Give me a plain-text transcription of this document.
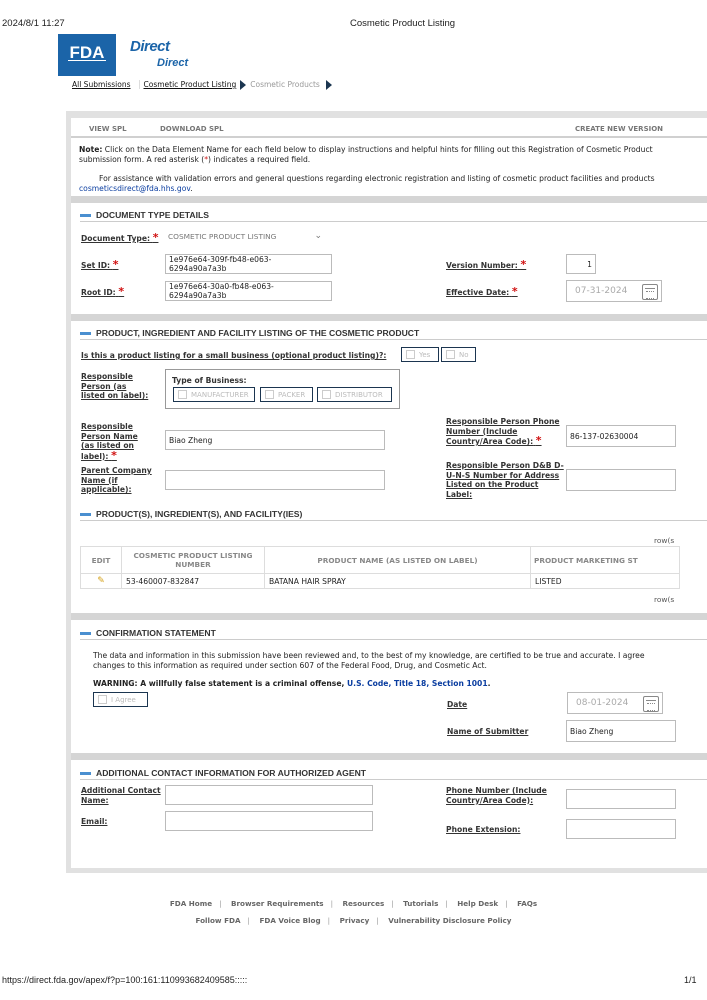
2024/8/1 11:27	Cosmetic Product Listing
FDA	Direct
Direct
All Submissions	Cosmetic Product Listing	Cosmetic Products
VIEW SPL	DOWNLOAD SPL	CREATE NEW VERSION
Note: Click on the Data Element Name for each field below to display instructions and helpful hints for filling out this Registration of Cosmetic Product
submission form. A red asterisk (*) indicates a required field.
For assistance with validation errors and general questions regarding electronic registration and listing of cosmetic product facilities and products
cosmeticsdirect@fda.hhs.gov.
DOCUMENT TYPE DETAILS
Document Type: * COSMETIC PRODUCT LISTING	⌄
Set ID: *	1e976e64-309f-fb48-e063-6294a90a7a3b
Root ID: *	1e976e64-30a0-fb48-e063-6294a90a7a3b
Version Number: *	1
Effective Date: *	07-31-2024
PRODUCT, INGREDIENT AND FACILITY LISTING OF THE COSMETIC PRODUCT
Is this a product listing for a small business (optional product listing)?:	Yes	No
Responsible Person (as listed on label):
Type of Business:
MANUFACTURER	PACKER	DISTRIBUTOR
Responsible Person Name (as listed on label): *
Biao Zheng
Responsible Person Phone Number (Include Country/Area Code): *	86-137-02630004
Parent Company Name (if applicable):
Responsible Person D&B D-U-N-S Number for Address Listed on the Product Label:
PRODUCT(S), INGREDIENT(S), AND FACILITY(IES)
row(s
EDIT	COSMETIC PRODUCT LISTING NUMBER	PRODUCT NAME (AS LISTED ON LABEL)	PRODUCT MARKETING ST
✎	53-460007-832847	BATANA HAIR SPRAY	LISTED
row(s
CONFIRMATION STATEMENT
The data and information in this submission have been reviewed and, to the best of my knowledge, are certified to be true and accurate. I agree
changes to this information as required under section 607 of the Federal Food, Drug, and Cosmetic Act.
WARNING: A willfully false statement is a criminal offense, U.S. Code, Title 18, Section 1001.
I Agree
Date	08-01-2024
Name of Submitter	Biao Zheng
ADDITIONAL CONTACT INFORMATION FOR AUTHORIZED AGENT
Additional Contact Name:
Email:
Phone Number (Include Country/Area Code):
Phone Extension:
FDA Home | Browser Requirements | Resources | Tutorials | Help Desk | FAQs
Follow FDA | FDA Voice Blog | Privacy | Vulnerability Disclosure Policy
https://direct.fda.gov/apex/f?p=100:161:110993682409585:::::	1/1
